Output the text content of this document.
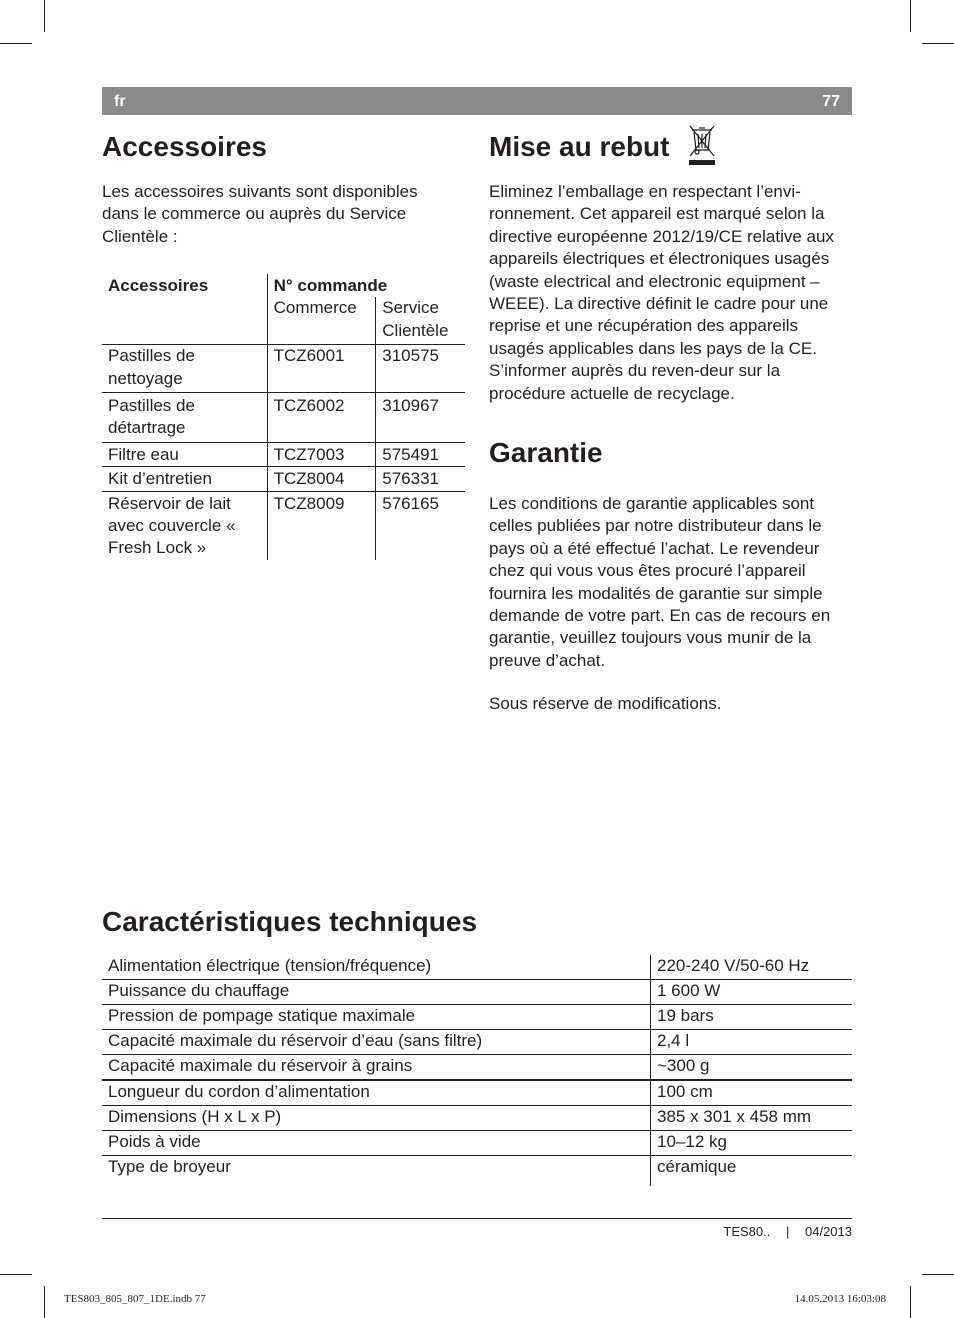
fr	77
Accessoires

Les accessoires suivants sont disponibles dans le commerce ou auprès du Service Clientèle :

Accessoires	N° commande	
	Commerce	Service Clientèle
Pastilles de nettoyage	TCZ6001	310575
Pastilles de détartrage	TCZ6002	310967
Filtre eau	TCZ7003	575491
Kit d’entretien	TCZ8004	576331
Réservoir de lait avec couvercle « Fresh Lock »	TCZ8009	576165
Mise au rebut

Eliminez l’emballage en respectant l’envi-ronnement. Cet appareil est marqué selon la directive européenne 2012/19/CE relative aux appareils électriques et électroniques usagés (waste electrical and electronic equipment – WEEE). La directive définit le cadre pour une reprise et une récupération des appareils usagés applicables dans les pays de la CE. S’informer auprès du reven-deur sur la procédure actuelle de recyclage.

Garantie

Les conditions de garantie applicables sont celles publiées par notre distributeur dans le pays où a été effectué l’achat. Le revendeur chez qui vous vous êtes procuré l’appareil fournira les modalités de garantie sur simple demande de votre part. En cas de recours en garantie, veuillez toujours vous munir de la preuve d’achat.

Sous réserve de modifications.

Caractéristiques techniques
Alimentation électrique (tension/fréquence)	220-240 V/50-60 Hz
Puissance du chauffage	1 600 W
Pression de pompage statique maximale	19 bars
Capacité maximale du réservoir d’eau (sans filtre)	2,4 l
Capacité maximale du réservoir à grains	~300 g
Longueur du cordon d’alimentation	100 cm
Dimensions (H x L x P)	385 x 301 x 458 mm
Poids à vide	10–12 kg
Type de broyeur	céramique
TES80.. | 04/2013
TES803_805_807_1DE.indb 77	14.05.2013 16:03:08
